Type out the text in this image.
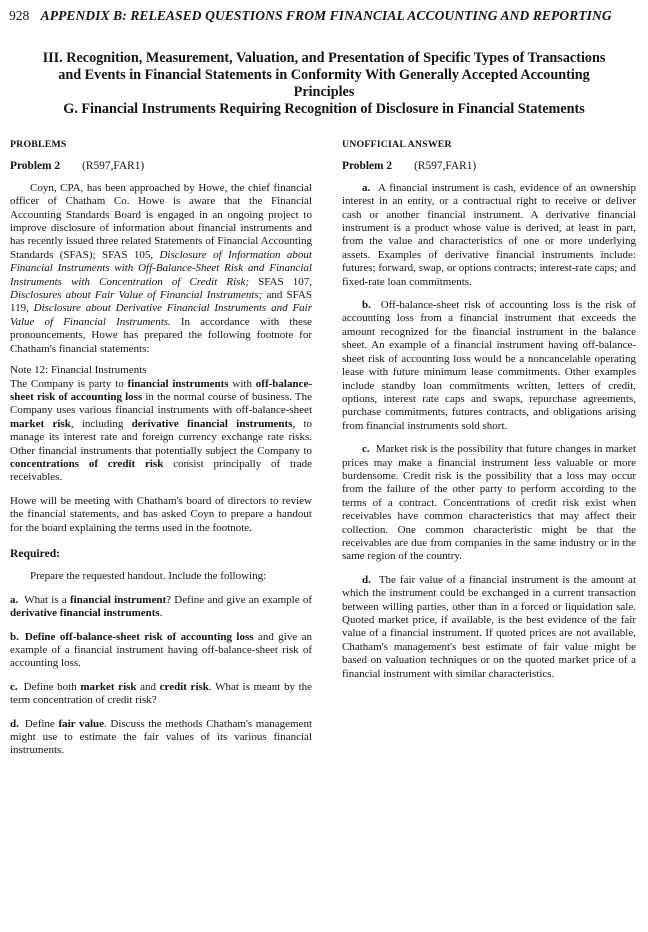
928 APPENDIX B: RELEASED QUESTIONS FROM FINANCIAL ACCOUNTING AND REPORTING
III. Recognition, Measurement, Valuation, and Presentation of Specific Types of Transactions
and Events in Financial Statements in Conformity With Generally Accepted Accounting
Principles
G. Financial Instruments Requiring Recognition of Disclosure in Financial Statements
PROBLEMS
Problem 2 (R597,FAR1)

Coyn, CPA, has been approached by Howe, the chief financial officer of Chatham Co. Howe is aware that the Financial Accounting Standards Board is engaged in an ongoing project to improve disclosure of information about financial instruments and has recently issued three related Statements of Financial Accounting Standards (SFAS); SFAS 105, Disclosure of Information about Financial Instruments with Off-Balance-Sheet Risk and Financial Instruments with Concentration of Credit Risk; SFAS 107, Disclosures about Fair Value of Financial Instruments; and SFAS 119, Disclosure about Derivative Financial Instruments and Fair Value of Financial Instruments. In accordance with these pronouncements, Howe has prepared the following footnote for Chatham's financial statements:

Note 12: Financial Instruments

The Company is party to financial instruments with off-balance-sheet risk of accounting loss in the normal course of business. The Company uses various financial instruments with off-balance-sheet market risk, including derivative financial instruments, to manage its interest rate and foreign currency exchange rate risks. Other financial instruments that potentially subject the Company to concentrations of credit risk consist principally of trade receivables.

Howe will be meeting with Chatham's board of directors to review the financial statements, and has asked Coyn to prepare a handout for the board explaining the terms used in the footnote.

Required:

Prepare the requested handout. Include the following:

a. What is a financial instrument? Define and give an example of derivative financial instruments.

b. Define off-balance-sheet risk of accounting loss and give an example of a financial instrument having off-balance-sheet risk of accounting loss.

c. Define both market risk and credit risk. What is meant by the term concentration of credit risk?

d. Define fair value. Discuss the methods Chatham's management might use to estimate the fair values of its various financial instruments.

UNOFFICIAL ANSWER
Problem 2 (R597,FAR1)

a. A financial instrument is cash, evidence of an ownership interest in an entity, or a contractual right to receive or deliver cash or another financial instrument. A derivative financial instrument is a product whose value is derived, at least in part, from the value and characteristics of one or more underlying assets. Examples of derivative financial instruments include: futures; forward, swap, or options contracts; interest-rate caps; and fixed-rate loan commitments.

b. Off-balance-sheet risk of accounting loss is the risk of accounting loss from a financial instrument that exceeds the amount recognized for the financial instrument in the balance sheet. An example of a financial instrument having off-balance-sheet risk of accounting loss would be a noncancelable operating lease with future minimum lease commitments. Other examples include standby loan commitments written, letters of credit, options, interest rate caps and swaps, repurchase agreements, purchase commitments, futures contracts, and obligations arising from financial instruments sold short.

c. Market risk is the possibility that future changes in market prices may make a financial instrument less valuable or more burdensome. Credit risk is the possibility that a loss may occur from the failure of the other party to perform according to the terms of a contract. Concentrations of credit risk exist when receivables have common characteristics that may affect their collection. One common characteristic might be that the receivables are due from companies in the same industry or in the same region of the country.

d. The fair value of a financial instrument is the amount at which the instrument could be exchanged in a current transaction between willing parties, other than in a forced or liquidation sale. Quoted market price, if available, is the best evidence of the fair value of a financial instrument. If quoted prices are not available, Chatham's management's best estimate of fair value might be based on valuation techniques or on the quoted market price of a financial instrument with similar characteristics.
